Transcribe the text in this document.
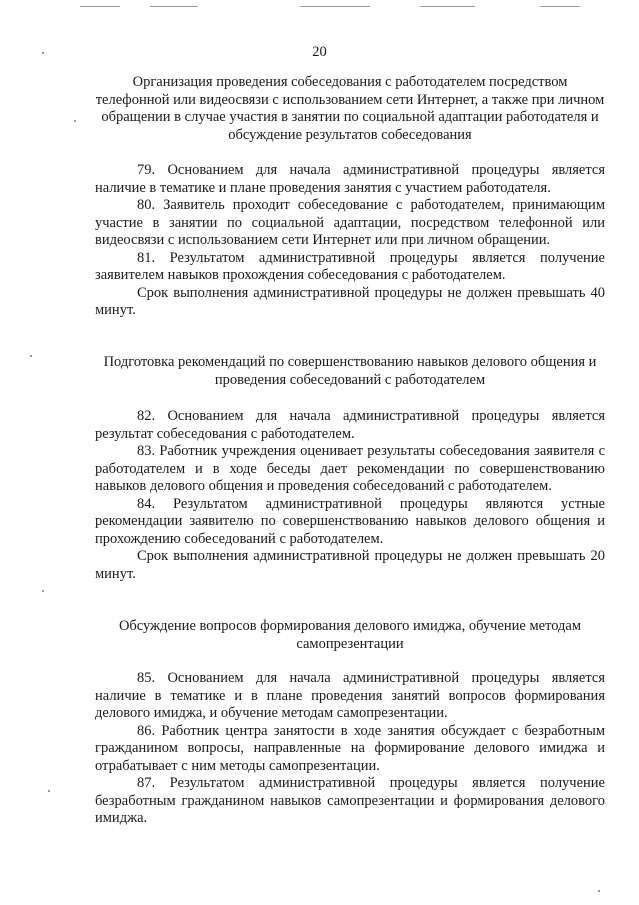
20
Организация проведения собеседования с работодателем посредством телефонной или видеосвязи с использованием сети Интернет, а также при личном обращении в случае участия в занятии по социальной адаптации работодателя и обсуждение результатов собеседования
79. Основанием для начала административной процедуры является наличие в тематике и плане проведения занятия с участием работодателя.
80. Заявитель проходит собеседование с работодателем, принимающим участие в занятии по социальной адаптации, посредством телефонной или видеосвязи с использованием сети Интернет или при личном обращении.
81. Результатом административной процедуры является получение заявителем навыков прохождения собеседования с работодателем.
Срок выполнения административной процедуры не должен превышать 40 минут.
Подготовка рекомендаций по совершенствованию навыков делового общения и проведения собеседований с работодателем
82. Основанием для начала административной процедуры является результат собеседования с работодателем.
83. Работник учреждения оценивает результаты собеседования заявителя с работодателем и в ходе беседы дает рекомендации по совершенствованию навыков делового общения и проведения собеседований с работодателем.
84. Результатом административной процедуры являются устные рекомендации заявителю по совершенствованию навыков делового общения и прохождению собеседований с работодателем.
Срок выполнения административной процедуры не должен превышать 20 минут.
Обсуждение вопросов формирования делового имиджа, обучение методам самопрезентации
85. Основанием для начала административной процедуры является наличие в тематике и в плане проведения занятий вопросов формирования делового имиджа, и обучение методам самопрезентации.
86. Работник центра занятости в ходе занятия обсуждает с безработным гражданином вопросы, направленные на формирование делового имиджа и отрабатывает с ним методы самопрезентации.
87. Результатом административной процедуры является получение безработным гражданином навыков самопрезентации и формирования делового имиджа.
